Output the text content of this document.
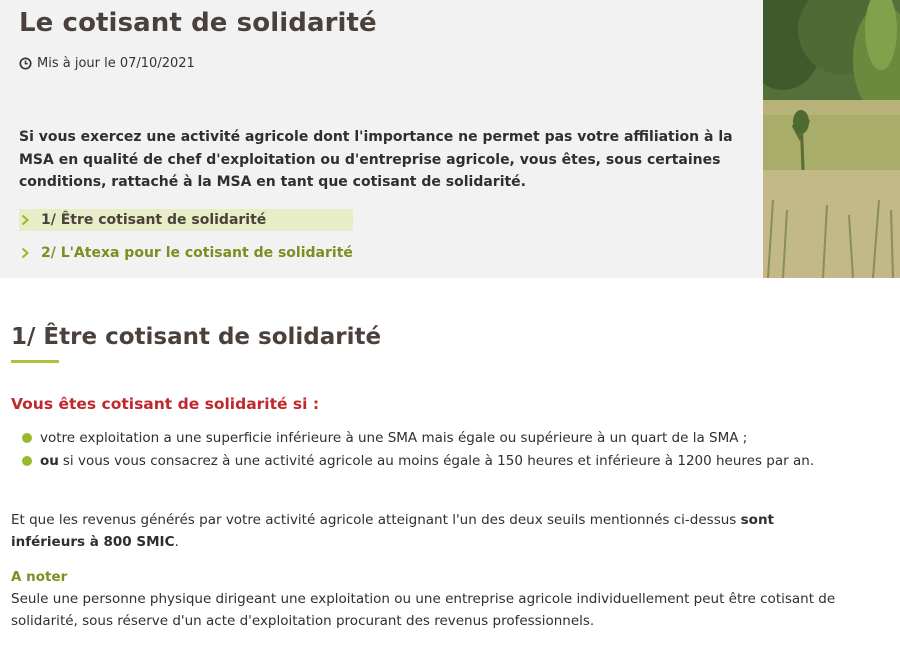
Le cotisant de solidarité
Mis à jour le 07/10/2021

Si vous exercez une activité agricole dont l'importance ne permet pas votre affiliation à la MSA en qualité de chef d'exploitation ou d'entreprise agricole, vous êtes, sous certaines conditions, rattaché à la MSA en tant que cotisant de solidarité.

1/ Être cotisant de solidarité
2/ L'Atexa pour le cotisant de solidarité
1/ Être cotisant de solidarité
Vous êtes cotisant de solidarité si :
votre exploitation a une superficie inférieure à une SMA mais égale ou supérieure à un quart de la SMA ;
ou si vous vous consacrez à une activité agricole au moins égale à 150 heures et inférieure à 1200 heures par an.

Et que les revenus générés par votre activité agricole atteignant l'un des deux seuils mentionnés ci-dessus sont inférieurs à 800 SMIC.

A noter

Seule une personne physique dirigeant une exploitation ou une entreprise agricole individuellement peut être cotisant de solidarité, sous réserve d'un acte d'exploitation procurant des revenus professionnels.
